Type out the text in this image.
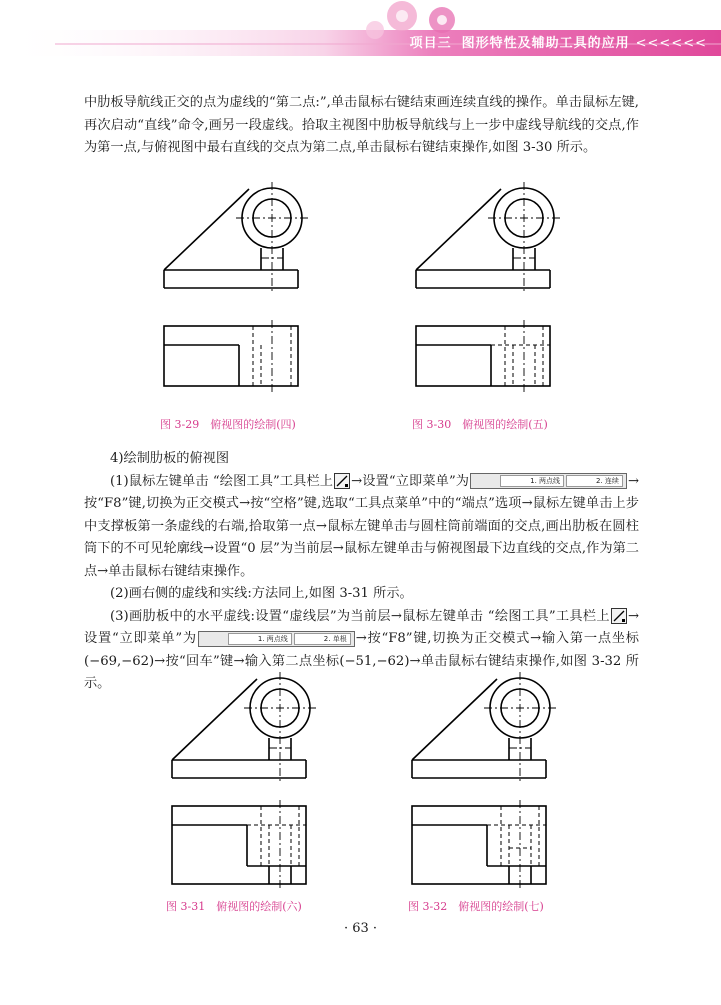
项目三 图形特性及辅助工具的应用 <<<<<<

中肋板导航线正交的点为虚线的“第二点:”,单击鼠标右键结束画连续直线的操作。单击鼠标左键,再次启动“直线”命令,画另一段虚线。拾取主视图中肋板导航线与上一步中虚线导航线的交点,作为第一点,与俯视图中最右直线的交点为第二点,单击鼠标右键结束操作,如图 3-30 所示。

图 3-29　俯视图的绘制(四)	图 3-30　俯视图的绘制(五)

4)绘制肋板的俯视图

(1)鼠标左键单击 “绘图工具”工具栏上 →设置“立即菜单”为	1. 两点线	2. 连续 →按“F8”键,切换为正交模式→按“空格”键,选取“工具点菜单”中的“端点”选项→鼠标左键单击上步中支撑板第一条虚线的右端,拾取第一点→鼠标左键单击与圆柱筒前端面的交点,画出肋板在圆柱筒下的不可见轮廓线→设置“0 层”为当前层→鼠标左键单击与俯视图最下边直线的交点,作为第二点→单击鼠标右键结束操作。

(2)画右侧的虚线和实线:方法同上,如图 3-31 所示。

(3)画肋板中的水平虚线:设置“虚线层”为当前层→鼠标左键单击 “绘图工具”工具栏上 →设置“立即菜单”为	1. 两点线	2. 单根 →按“F8”键,切换为正交模式→输入第一点坐标(−69,−62)→按“回车”键→输入第二点坐标(−51,−62)→单击鼠标右键结束操作,如图 3-32 所示。

图 3-31　俯视图的绘制(六)	图 3-32　俯视图的绘制(七)
· 63 ·
